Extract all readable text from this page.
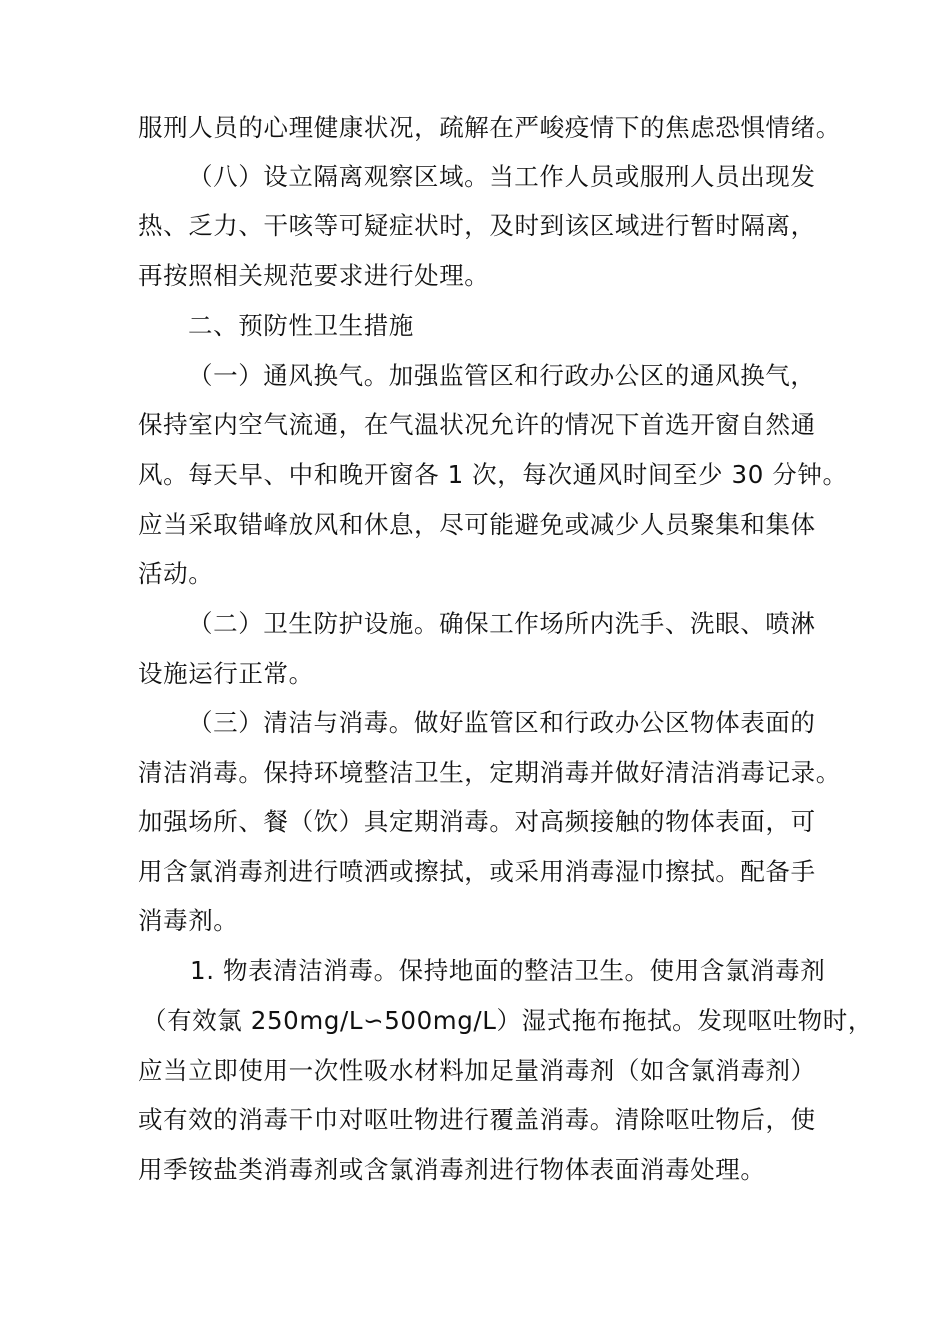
服刑人员的心理健康状况，疏解在严峻疫情下的焦虑恐惧情绪。
（八）设立隔离观察区域。当工作人员或服刑人员出现发
热、乏力、干咳等可疑症状时，及时到该区域进行暂时隔离，
再按照相关规范要求进行处理。
二、预防性卫生措施
（一）通风换气。加强监管区和行政办公区的通风换气，
保持室内空气流通，在气温状况允许的情况下首选开窗自然通
风。每天早、中和晚开窗各 1 次，每次通风时间至少 30 分钟。
应当采取错峰放风和休息，尽可能避免或减少人员聚集和集体
活动。
（二）卫生防护设施。确保工作场所内洗手、洗眼、喷淋
设施运行正常。
（三）清洁与消毒。做好监管区和行政办公区物体表面的
清洁消毒。保持环境整洁卫生，定期消毒并做好清洁消毒记录。
加强场所、餐（饮）具定期消毒。对高频接触的物体表面，可
用含氯消毒剂进行喷洒或擦拭，或采用消毒湿巾擦拭。配备手
消毒剂。
1. 物表清洁消毒。保持地面的整洁卫生。使用含氯消毒剂
（有效氯 250mg/L∽500mg/L）湿式拖布拖拭。发现呕吐物时，
应当立即使用一次性吸水材料加足量消毒剂（如含氯消毒剂）
或有效的消毒干巾对呕吐物进行覆盖消毒。清除呕吐物后，使
用季铵盐类消毒剂或含氯消毒剂进行物体表面消毒处理。
